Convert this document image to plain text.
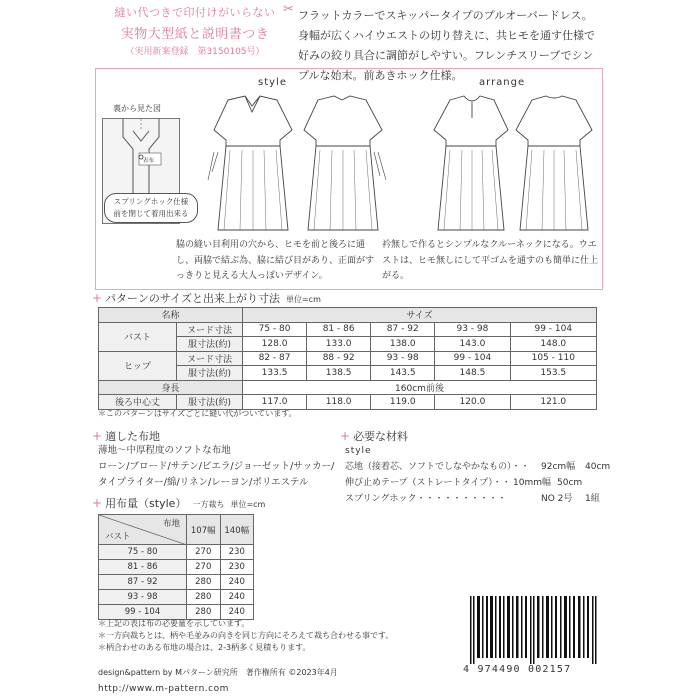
縫い代つきで印付けがいらない
実物大型紙と説明書つき
（実用新案登録　第3150105号）
✂ フラットカラーでスキッパータイプのプルオーバードレス。身幅が広くハイウエストの切り替えに、共ヒモを通す仕様で好みの絞り具合に調節がしやすい。フレンチスリーブでシンプルな始末。前あきホック仕様。
style	arrange
裏から見た図
表布
スプリングホック仕様
前を閉じて着用出来る
脇の縫い目利用の穴から、ヒモを前と後ろに通し、両脇で結ぶ為、脇に結び目があり、正面がすっきりと見える大人っぽいデザイン。
衿無しで作るとシンプルなクルーネックになる。ウエストは、ヒモ無しにして平ゴムを通すのも簡単に仕上がる。
+ パターンのサイズと出来上がり寸法 単位=cm
名称		サイズ				
バスト	ヌード寸法	75 - 80	81 - 86	87 - 92	93 - 98	99 - 104
	服寸法(約)	128.0	133.0	138.0	143.0	148.0
ヒップ	ヌード寸法	82 - 87	88 - 92	93 - 98	99 - 104	105 - 110
	服寸法(約)	133.5	138.5	143.5	148.5	153.5
身長		160cm前後				
後ろ中心丈	服寸法(約)	117.0	118.0	119.0	120.0	121.0
＊このパターンはサイズごとに縫い代がついています。
+ 適した布地
薄地～中厚程度のソフトな布地
ローン/ブロード/サテン/ビエラ/ジョーゼット/サッカー/
タイプライター/綿/リネン/レーヨン/ポリエステル
+ 必要な材料
style
芯地（接着芯、ソフトでしなやかなもの）・・ 92cm幅 40cm
伸び止めテープ（ストレートタイプ）・・ 10mm幅 50cm
スプリングホック・・・・・・・・・・	NO 2号 1組
+ 用布量（style） 一方裁ち 単位=cm
布地
バスト	107幅	140幅
75 - 80	270	230
81 - 86	270	230
87 - 92	280	240
93 - 98	280	240
99 - 104	280	240
＊上記の表は布の必要量を示しています。
＊一方向裁ちとは、柄や毛並みの向きを同じ方向にそろえて裁ち合わせる事です。
＊柄合わせのある布地の場合は、2-3柄多く見積もります。
4 974490 002157
design&pattern by Mパターン研究所　著作権所有 ©2023年4月
http://www.m-pattern.com
